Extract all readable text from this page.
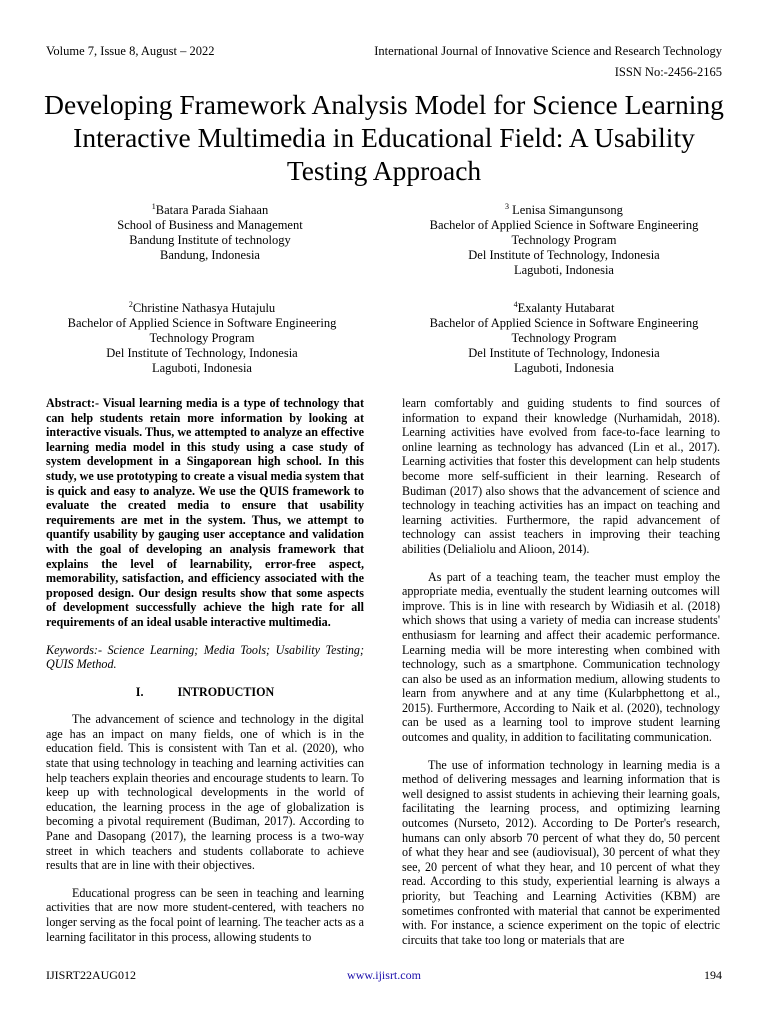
Volume 7, Issue 8, August – 2022	International Journal of Innovative Science and Research Technology
ISSN No:-2456-2165
Developing Framework Analysis Model for Science Learning Interactive Multimedia in Educational Field: A Usability Testing Approach
$^1$Batara Parada Siahaan
School of Business and Management
Bandung Institute of technology
Bandung, Indonesia
$^3$ Lenisa Simangunsong
Bachelor of Applied Science in Software Engineering
Technology Program
Del Institute of Technology, Indonesia
Laguboti, Indonesia
$^2$Christine Nathasya Hutajulu
Bachelor of Applied Science in Software Engineering
Technology Program
Del Institute of Technology, Indonesia
Laguboti, Indonesia
$^4$Exalanty Hutabarat
Bachelor of Applied Science in Software Engineering
Technology Program
Del Institute of Technology, Indonesia
Laguboti, Indonesia

Abstract:- Visual learning media is a type of technology that can help students retain more information by looking at interactive visuals. Thus, we attempted to analyze an effective learning media model in this study using a case study of system development in a Singaporean high school. In this study, we use prototyping to create a visual media system that is quick and easy to analyze. We use the QUIS framework to evaluate the created media to ensure that usability requirements are met in the system. Thus, we attempt to quantify usability by gauging user acceptance and validation with the goal of developing an analysis framework that explains the level of learnability, error-free aspect, memorability, satisfaction, and efficiency associated with the proposed design. Our design results show that some aspects of development successfully achieve the high rate for all requirements of an ideal usable interactive multimedia.

Keywords:- Science Learning; Media Tools; Usability Testing; QUIS Method.

I.	INTRODUCTION

The advancement of science and technology in the digital age has an impact on many fields, one of which is in the education field. This is consistent with Tan et al. (2020), who state that using technology in teaching and learning activities can help teachers explain theories and encourage students to learn. To keep up with technological developments in the world of education, the learning process in the age of globalization is becoming a pivotal requirement (Budiman, 2017). According to Pane and Dasopang (2017), the learning process is a two-way street in which teachers and students collaborate to achieve results that are in line with their objectives.

Educational progress can be seen in teaching and learning activities that are now more student-centered, with teachers no longer serving as the focal point of learning. The teacher acts as a learning facilitator in this process, allowing students to

learn comfortably and guiding students to find sources of information to expand their knowledge (Nurhamidah, 2018). Learning activities have evolved from face-to-face learning to online learning as technology has advanced (Lin et al., 2017). Learning activities that foster this development can help students become more self-sufficient in their learning. Research of Budiman (2017) also shows that the advancement of science and technology in teaching activities has an impact on teaching and learning activities. Furthermore, the rapid advancement of technology can assist teachers in improving their teaching abilities (Delialiolu and Alioon, 2014).

As part of a teaching team, the teacher must employ the appropriate media, eventually the student learning outcomes will improve. This is in line with research by Widiasih et al. (2018) which shows that using a variety of media can increase students' enthusiasm for learning and affect their academic performance. Learning media will be more interesting when combined with technology, such as a smartphone. Communication technology can also be used as an information medium, allowing students to learn from anywhere and at any time (Kularbphettong et al., 2015). Furthermore, According to Naik et al. (2020), technology can be used as a learning tool to improve student learning outcomes and quality, in addition to facilitating communication.

The use of information technology in learning media is a method of delivering messages and learning information that is well designed to assist students in achieving their learning goals, facilitating the learning process, and optimizing learning outcomes (Nurseto, 2012). According to De Porter's research, humans can only absorb 70 percent of what they do, 50 percent of what they hear and see (audiovisual), 30 percent of what they see, 20 percent of what they hear, and 10 percent of what they read. According to this study, experiential learning is always a priority, but Teaching and Learning Activities (KBM) are sometimes confronted with material that cannot be experimented with. For instance, a science experiment on the topic of electric circuits that take too long or materials that are

IJISRT22AUG012	www.ijisrt.com	194
